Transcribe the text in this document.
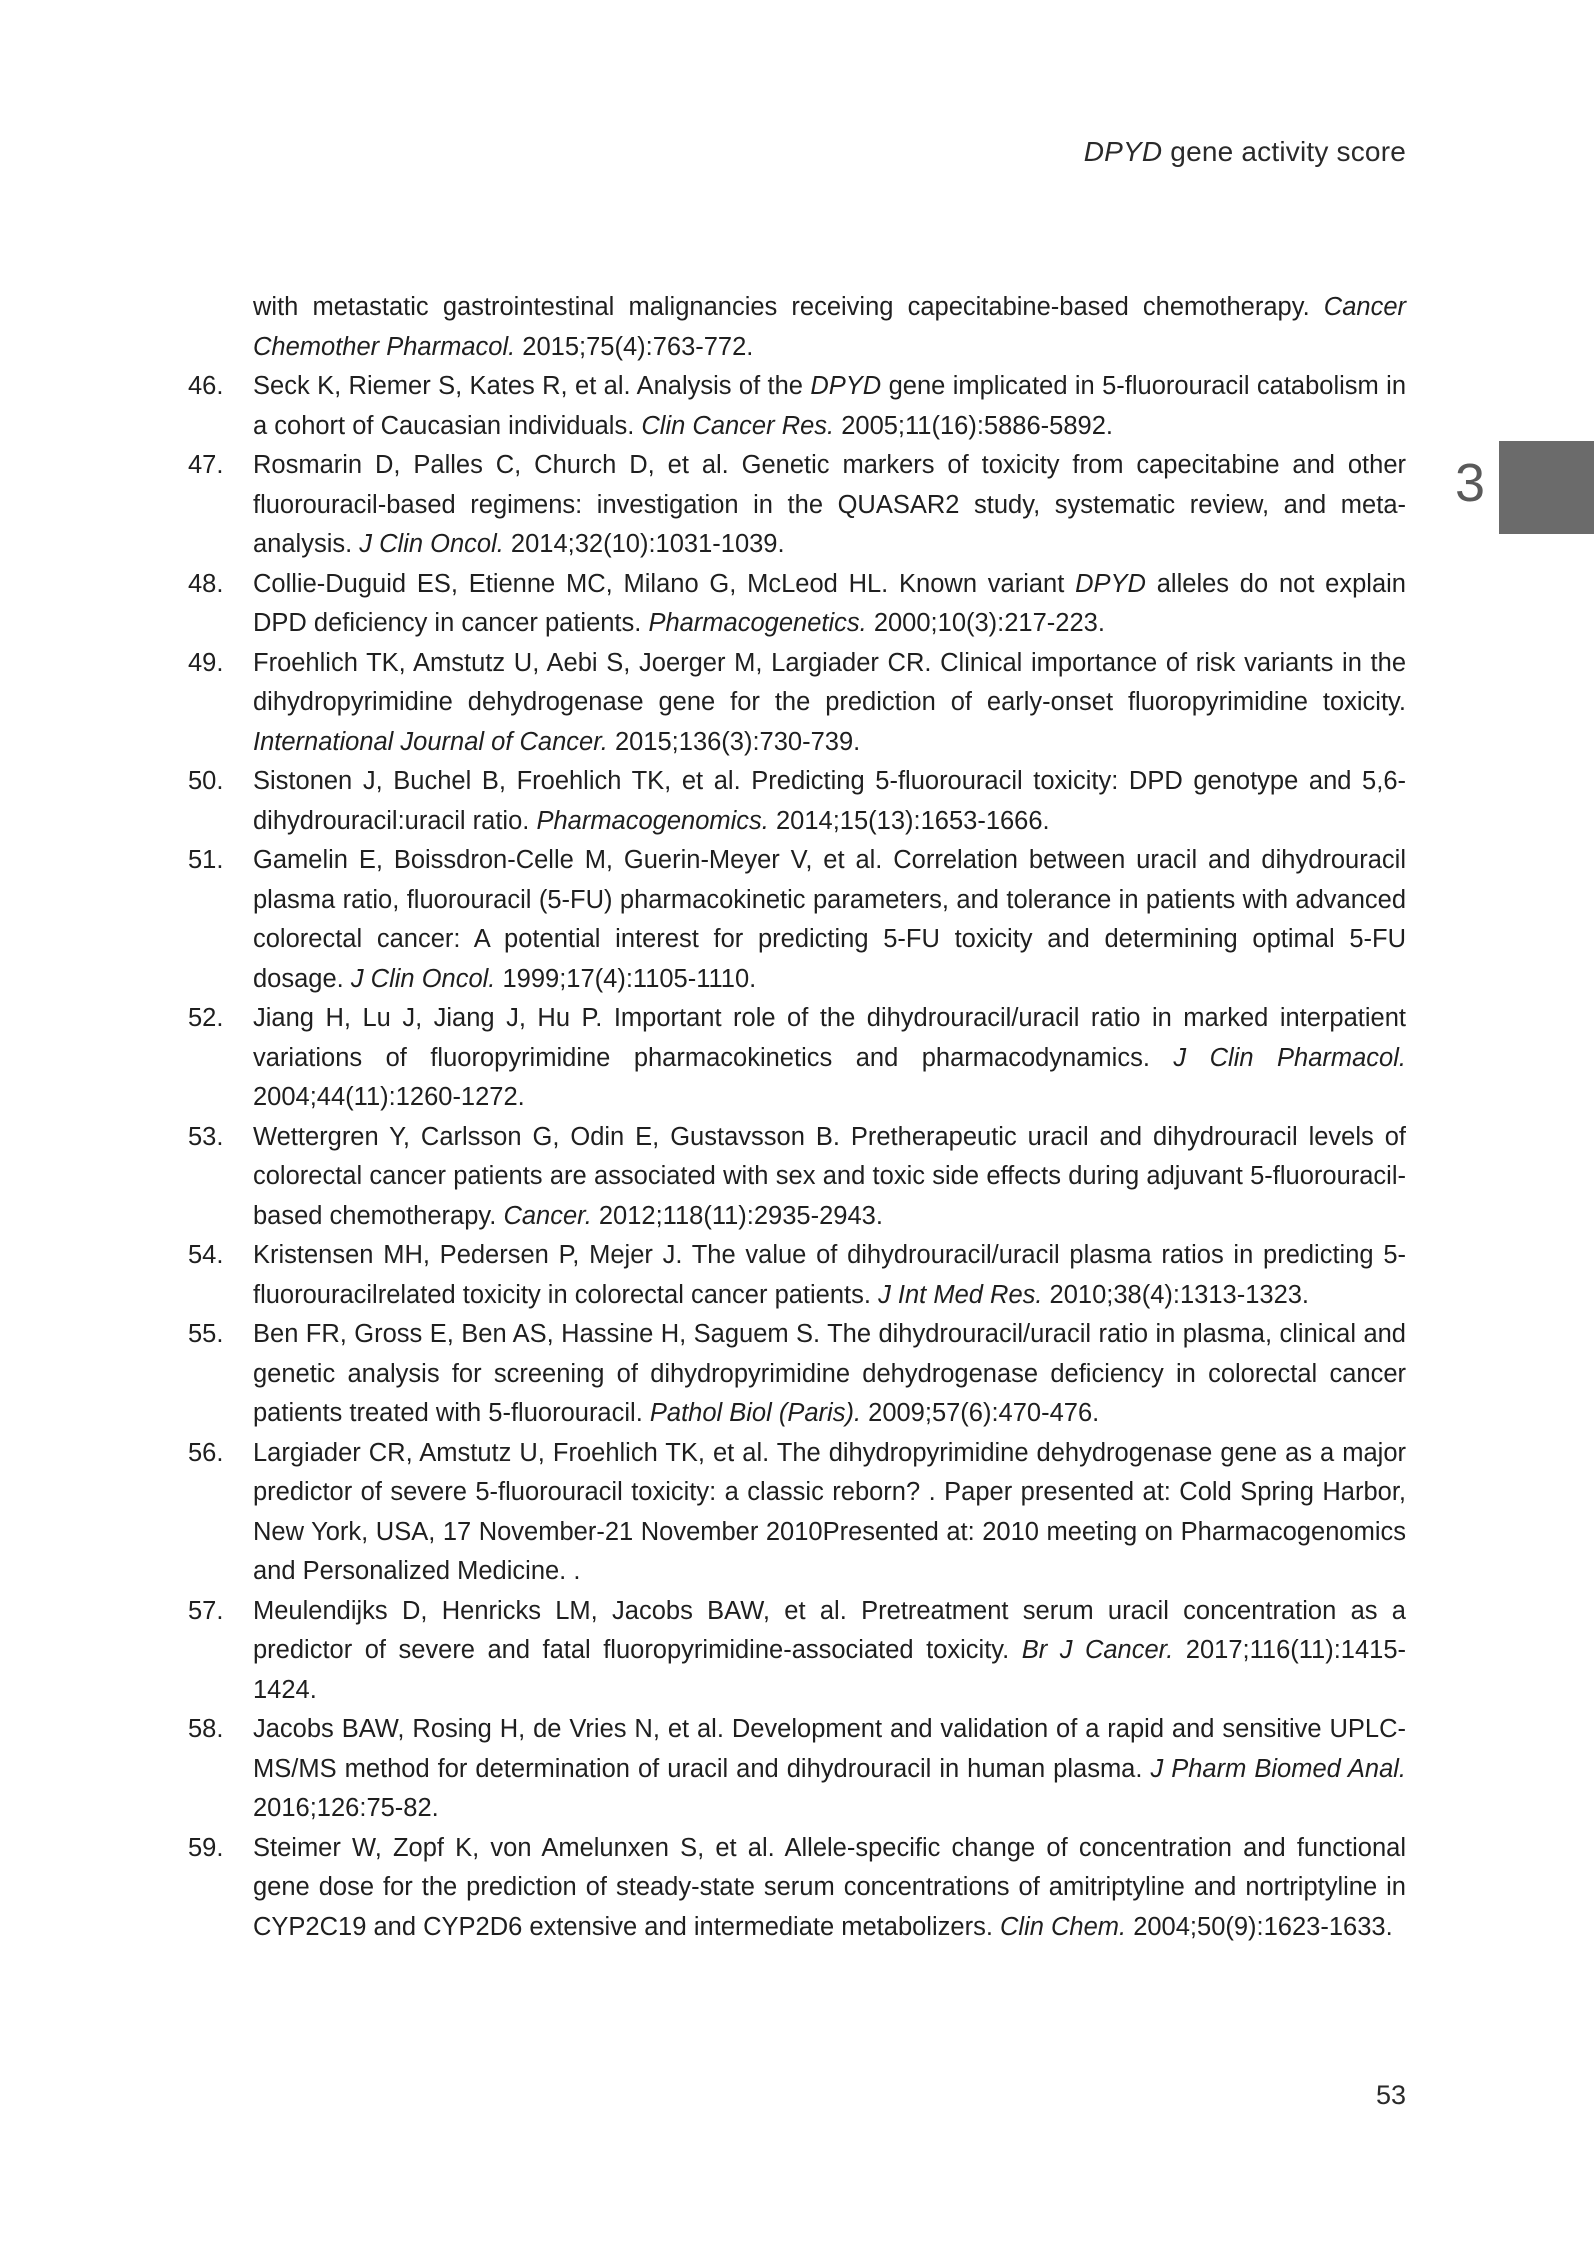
DPYD gene activity score
3
with metastatic gastrointestinal malignancies receiving capecitabine-based chemotherapy. Cancer Chemother Pharmacol. 2015;75(4):763-772.
46. Seck K, Riemer S, Kates R, et al. Analysis of the DPYD gene implicated in 5-fluorouracil catabolism in a cohort of Caucasian individuals. Clin Cancer Res. 2005;11(16):5886-5892.
47. Rosmarin D, Palles C, Church D, et al. Genetic markers of toxicity from capecitabine and other fluorouracil-based regimens: investigation in the QUASAR2 study, systematic review, and meta-analysis. J Clin Oncol. 2014;32(10):1031-1039.
48. Collie-Duguid ES, Etienne MC, Milano G, McLeod HL. Known variant DPYD alleles do not explain DPD deficiency in cancer patients. Pharmacogenetics. 2000;10(3):217-223.
49. Froehlich TK, Amstutz U, Aebi S, Joerger M, Largiader CR. Clinical importance of risk variants in the dihydropyrimidine dehydrogenase gene for the prediction of early-onset fluoropyrimidine toxicity. International Journal of Cancer. 2015;136(3):730-739.
50. Sistonen J, Buchel B, Froehlich TK, et al. Predicting 5-fluorouracil toxicity: DPD genotype and 5,6-dihydrouracil:uracil ratio. Pharmacogenomics. 2014;15(13):1653-1666.
51. Gamelin E, Boissdron-Celle M, Guerin-Meyer V, et al. Correlation between uracil and dihydrouracil plasma ratio, fluorouracil (5-FU) pharmacokinetic parameters, and tolerance in patients with advanced colorectal cancer: A potential interest for predicting 5-FU toxicity and determining optimal 5-FU dosage. J Clin Oncol. 1999;17(4):1105-1110.
52. Jiang H, Lu J, Jiang J, Hu P. Important role of the dihydrouracil/uracil ratio in marked interpatient variations of fluoropyrimidine pharmacokinetics and pharmacodynamics. J Clin Pharmacol. 2004;44(11):1260-1272.
53. Wettergren Y, Carlsson G, Odin E, Gustavsson B. Pretherapeutic uracil and dihydrouracil levels of colorectal cancer patients are associated with sex and toxic side effects during adjuvant 5-fluorouracil-based chemotherapy. Cancer. 2012;118(11):2935-2943.
54. Kristensen MH, Pedersen P, Mejer J. The value of dihydrouracil/uracil plasma ratios in predicting 5-fluorouracilrelated toxicity in colorectal cancer patients. J Int Med Res. 2010;38(4):1313-1323.
55. Ben FR, Gross E, Ben AS, Hassine H, Saguem S. The dihydrouracil/uracil ratio in plasma, clinical and genetic analysis for screening of dihydropyrimidine dehydrogenase deficiency in colorectal cancer patients treated with 5-fluorouracil. Pathol Biol (Paris). 2009;57(6):470-476.
56. Largiader CR, Amstutz U, Froehlich TK, et al. The dihydropyrimidine dehydrogenase gene as a major predictor of severe 5-fluorouracil toxicity: a classic reborn? . Paper presented at: Cold Spring Harbor, New York, USA, 17 November-21 November 2010Presented at: 2010 meeting on Pharmacogenomics and Personalized Medicine. .
57. Meulendijks D, Henricks LM, Jacobs BAW, et al. Pretreatment serum uracil concentration as a predictor of severe and fatal fluoropyrimidine-associated toxicity. Br J Cancer. 2017;116(11):1415-1424.
58. Jacobs BAW, Rosing H, de Vries N, et al. Development and validation of a rapid and sensitive UPLC-MS/MS method for determination of uracil and dihydrouracil in human plasma. J Pharm Biomed Anal. 2016;126:75-82.
59. Steimer W, Zopf K, von Amelunxen S, et al. Allele-specific change of concentration and functional gene dose for the prediction of steady-state serum concentrations of amitriptyline and nortriptyline in CYP2C19 and CYP2D6 extensive and intermediate metabolizers. Clin Chem. 2004;50(9):1623-1633.
53
